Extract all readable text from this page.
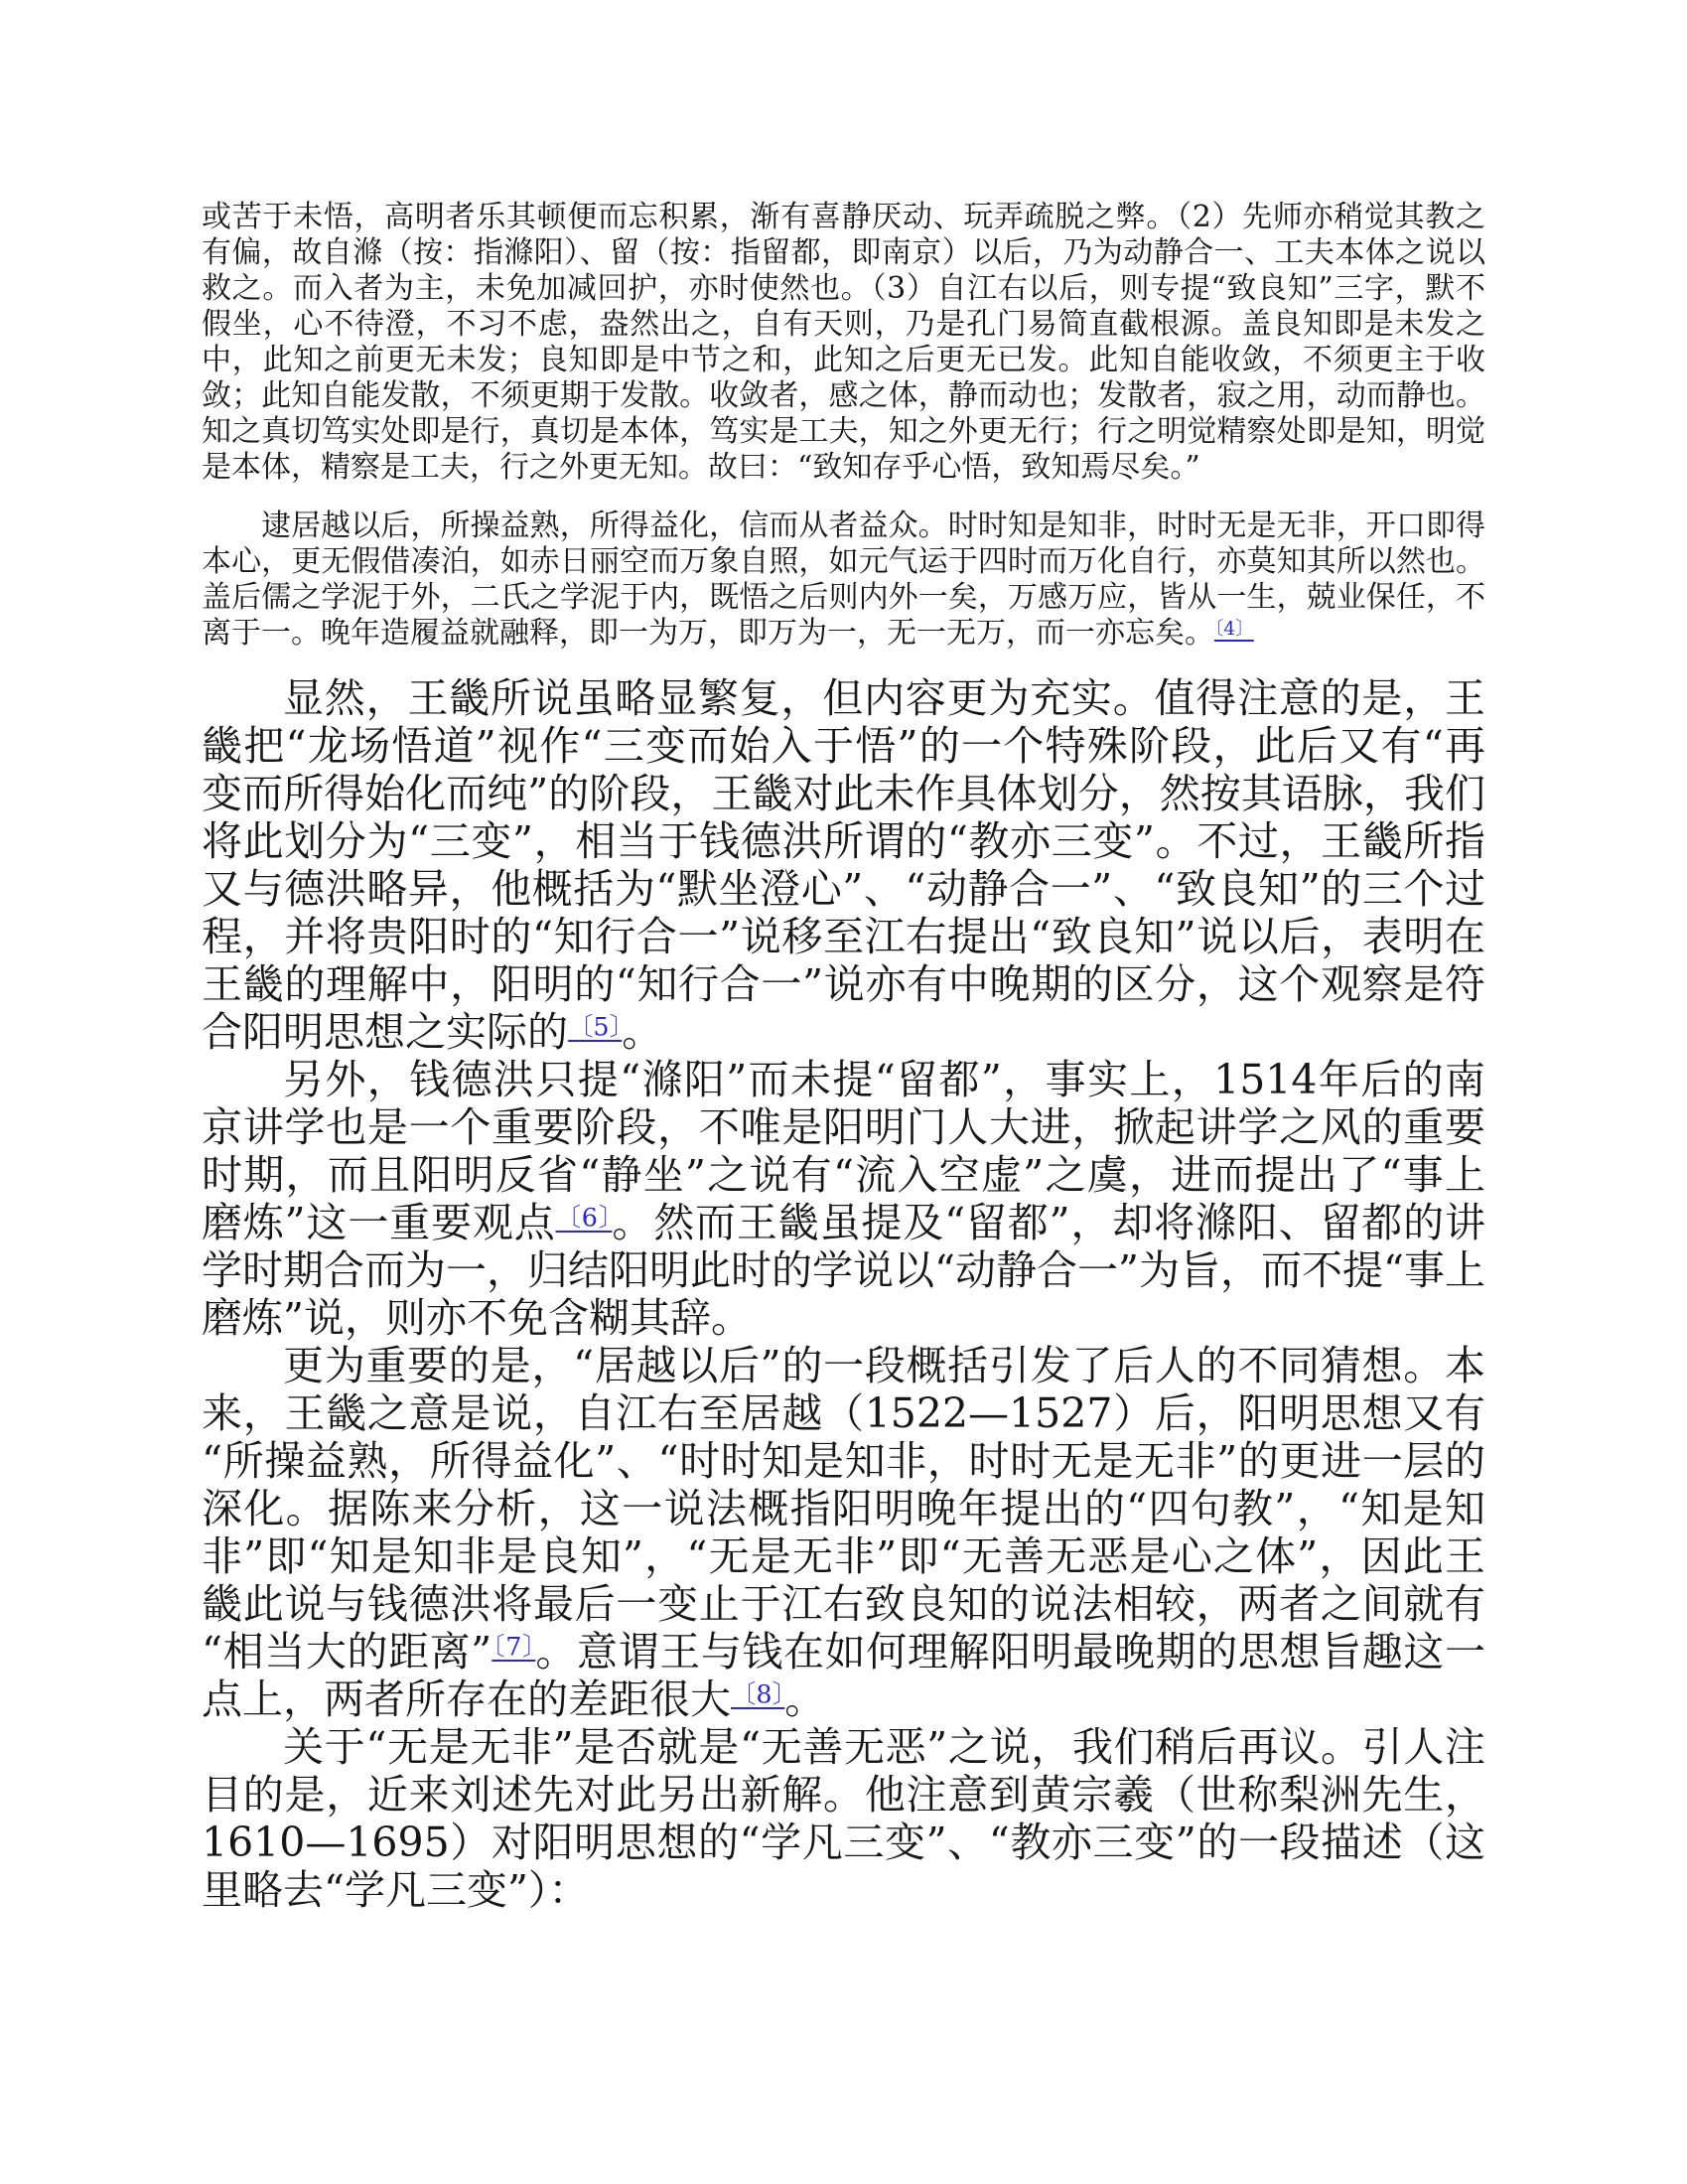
或苦于未悟，高明者乐其顿便而忘积累，渐有喜静厌动、玩弄疏脱之弊。（2）先师亦稍觉其教之有偏，故自滌（按：指滌阳）、留（按：指留都，即南京）以后，乃为动静合一、工夫本体之说以救之。而入者为主，未免加减回护，亦时使然也。（3）自江右以后，则专提“致良知”三字，默不假坐，心不待澄，不习不虑，盎然出之，自有天则，乃是孔门易简直截根源。盖良知即是未发之中，此知之前更无未发；良知即是中节之和，此知之后更无已发。此知自能收敛，不须更主于收敛；此知自能发散，不须更期于发散。收敛者，感之体，静而动也；发散者，寂之用，动而静也。知之真切笃实处即是行，真切是本体，笃实是工夫，知之外更无行；行之明觉精察处即是知，明觉是本体，精察是工夫，行之外更无知。故曰：“致知存乎心悟，致知焉尽矣。”

逮居越以后，所操益熟，所得益化，信而从者益众。时时知是知非，时时无是无非，开口即得本心，更无假借凑泊，如赤日丽空而万象自照，如元气运于四时而万化自行，亦莫知其所以然也。盖后儒之学泥于外，二氏之学泥于内，既悟之后则内外一矣，万感万应，皆从一生，兢业保任，不离于一。晚年造履益就融释，即一为万，即万为一，无一无万，而一亦忘矣。$^{〔4〕}$

显然，王畿所说虽略显繁复，但内容更为充实。值得注意的是，王畿把“龙场悟道”视作“三变而始入于悟”的一个特殊阶段，此后又有“再变而所得始化而纯”的阶段，王畿对此未作具体划分，然按其语脉，我们将此划分为“三变”，相当于钱德洪所谓的“教亦三变”。不过，王畿所指又与德洪略异，他概括为“默坐澄心”、“动静合一”、“致良知”的三个过程，并将贵阳时的“知行合一”说移至江右提出“致良知”说以后，表明在王畿的理解中，阳明的“知行合一”说亦有中晚期的区分，这个观察是符合阳明思想之实际的$^{〔5〕}$。

另外，钱德洪只提“滌阳”而未提“留都”，事实上，1514年后的南京讲学也是一个重要阶段，不唯是阳明门人大进，掀起讲学之风的重要时期，而且阳明反省“静坐”之说有“流入空虚”之虞，进而提出了“事上磨炼”这一重要观点$^{〔6〕}$。然而王畿虽提及“留都”，却将滌阳、留都的讲学时期合而为一，归结阳明此时的学说以“动静合一”为旨，而不提“事上磨炼”说，则亦不免含糊其辞。

更为重要的是，“居越以后”的一段概括引发了后人的不同猜想。本来，王畿之意是说，自江右至居越（1522—1527）后，阳明思想又有“所操益熟，所得益化”、“时时知是知非，时时无是无非”的更进一层的深化。据陈来分析，这一说法概指阳明晚年提出的“四句教”，“知是知非”即“知是知非是良知”，“无是无非”即“无善无恶是心之体”，因此王畿此说与钱德洪将最后一变止于江右致良知的说法相较，两者之间就有“相当大的距离”$^{〔7〕}$。意谓王与钱在如何理解阳明最晚期的思想旨趣这一点上，两者所存在的差距很大$^{〔8〕}$。

关于“无是无非”是否就是“无善无恶”之说，我们稍后再议。引人注目的是，近来刘述先对此另出新解。他注意到黄宗羲（世称梨洲先生，1610—1695）对阳明思想的“学凡三变”、“教亦三变”的一段描述（这里略去“学凡三变”）：
